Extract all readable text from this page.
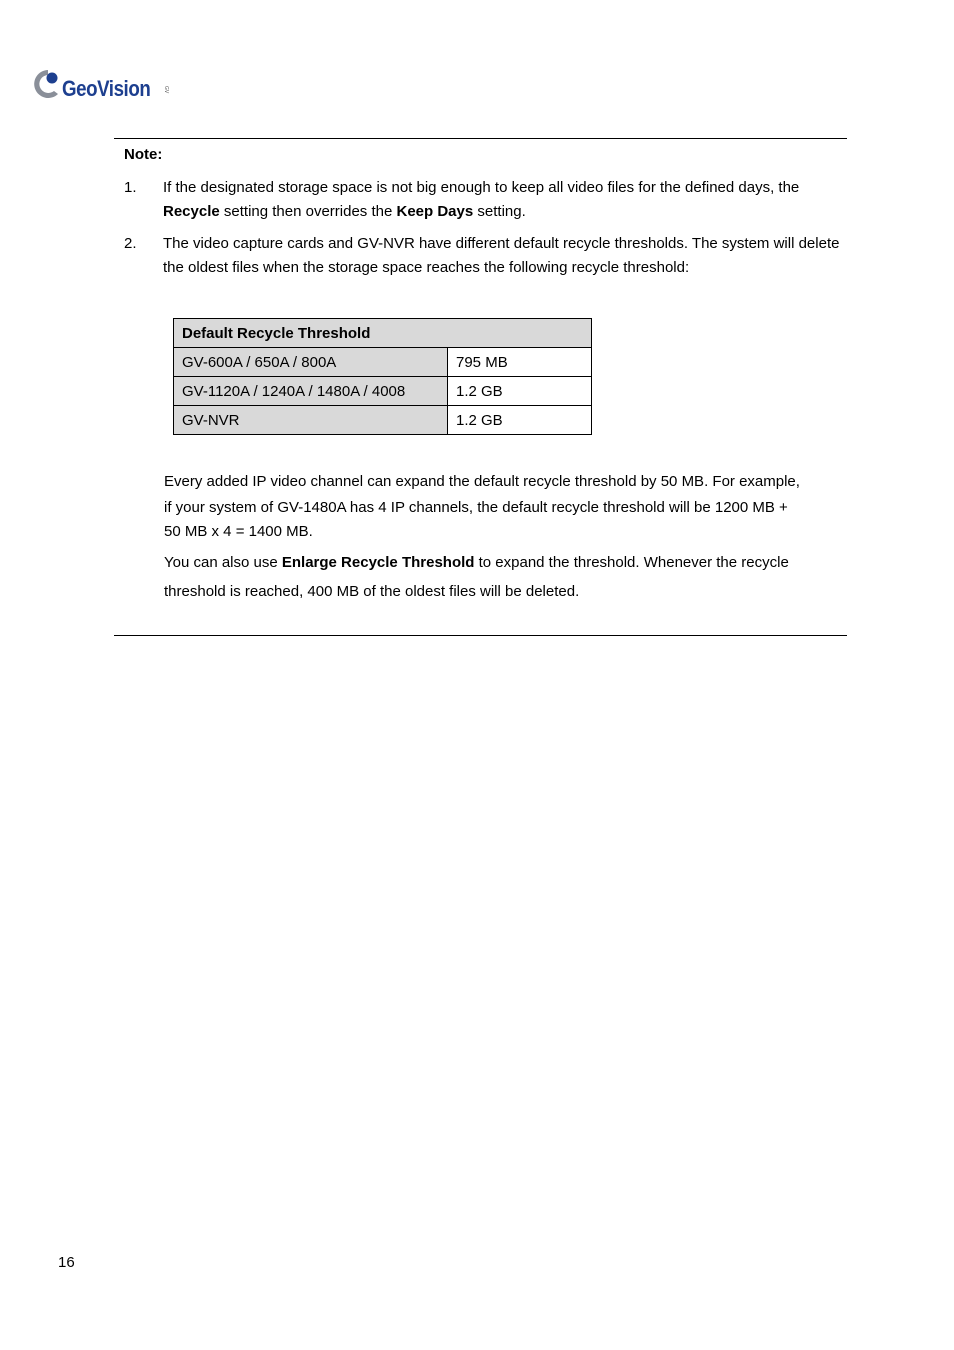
GeoVision	GV
Note:
1. If the designated storage space is not big enough to keep all video files for the defined days, the Recycle setting then overrides the Keep Days setting.
2. The video capture cards and GV-NVR have different default recycle thresholds. The system will delete the oldest files when the storage space reaches the following recycle threshold:
Default Recycle Threshold	
GV-600A / 650A / 800A	795 MB
GV-1120A / 1240A / 1480A / 4008	1.2 GB
GV-NVR	1.2 GB
Every added IP video channel can expand the default recycle threshold by 50 MB. For example,
if your system of GV-1480A has 4 IP channels, the default recycle threshold will be 1200 MB +

50 MB x 4 = 1400 MB.
You can also use Enlarge Recycle Threshold to expand the threshold. Whenever the recycle
threshold is reached, 400 MB of the oldest files will be deleted.
16
